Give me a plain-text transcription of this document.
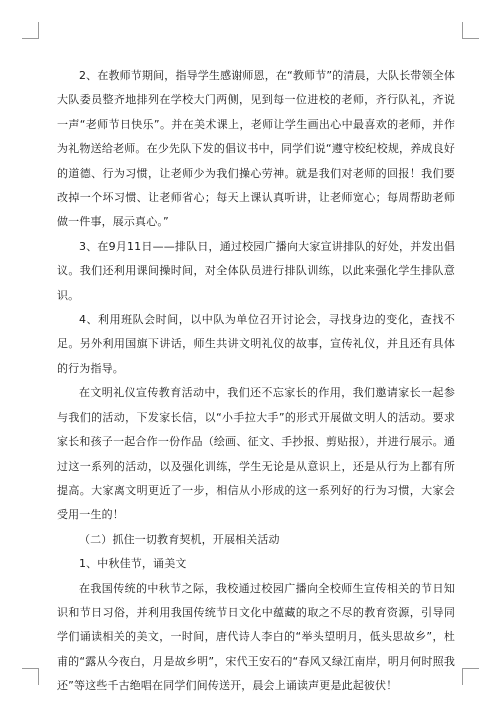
2、在教师节期间，指导学生感谢师恩，在“教师节”的清晨，大队长带领全体大队委员整齐地排列在学校大门两侧，见到每一位进校的老师，齐行队礼，齐说一声“老师节日快乐”。并在美术课上，老师让学生画出心中最喜欢的老师，并作为礼物送给老师。在少先队下发的倡议书中，同学们说“遵守校纪校规，养成良好的道德、行为习惯，让老师少为我们操心劳神。就是我们对老师的回报！我们要改掉一个坏习惯、让老师省心；每天上课认真听讲，让老师宽心；每周帮助老师做一件事，展示真心。”

3、在9月11日——排队日，通过校园广播向大家宣讲排队的好处，并发出倡议。我们还利用课间操时间，对全体队员进行排队训练，以此来强化学生排队意识。

4、利用班队会时间，以中队为单位召开讨论会，寻找身边的变化，查找不足。另外利用国旗下讲话，师生共讲文明礼仪的故事，宣传礼仪，并且还有具体的行为指导。

在文明礼仪宣传教育活动中，我们还不忘家长的作用，我们邀请家长一起参与我们的活动，下发家长信，以“小手拉大手”的形式开展做文明人的活动。要求家长和孩子一起合作一份作品（绘画、征文、手抄报、剪贴报），并进行展示。通过这一系列的活动，以及强化训练，学生无论是从意识上，还是从行为上都有所提高。大家离文明更近了一步，相信从小形成的这一系列好的行为习惯，大家会受用一生的！

（二）抓住一切教育契机，开展相关活动

1、中秋佳节，诵美文

在我国传统的中秋节之际，我校通过校园广播向全校师生宣传相关的节日知识和节日习俗，并利用我国传统节日文化中蕴藏的取之不尽的教育资源，引导同学们诵读相关的美文，一时间，唐代诗人李白的“举头望明月，低头思故乡”，杜甫的“露从今夜白，月是故乡明”，宋代王安石的“春风又绿江南岸，明月何时照我还”等这些千古绝唱在同学们间传送开，晨会上诵读声更是此起彼伏！
